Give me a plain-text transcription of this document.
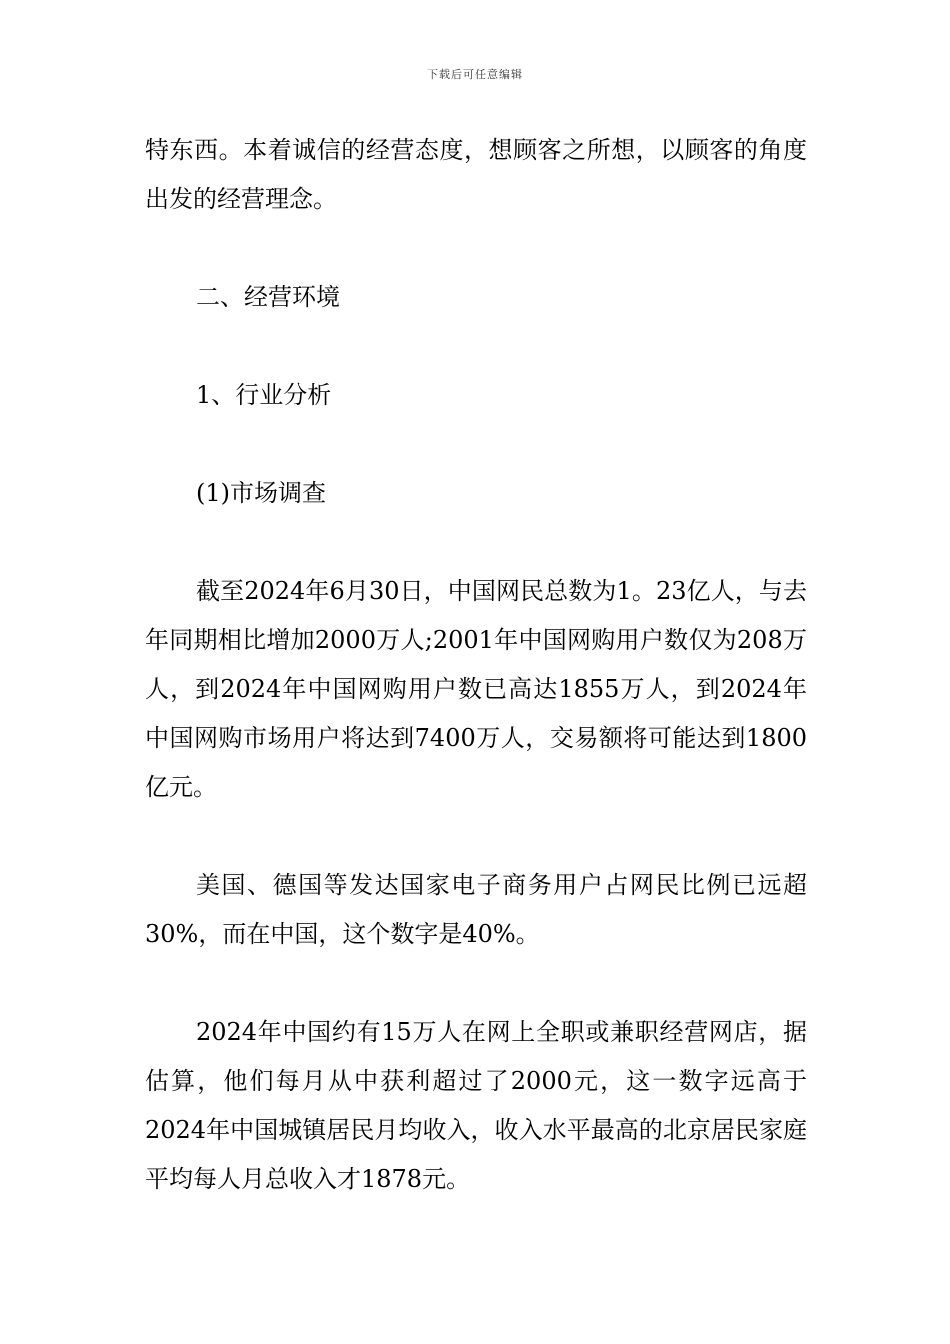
下载后可任意编辑

特东西。本着诚信的经营态度，想顾客之所想，以顾客的角度出发的经营理念。

二、经营环境

1、行业分析

(1)市场调查

截至2024年6月30日，中国网民总数为1。23亿人，与去年同期相比增加2000万人;2001年中国网购用户数仅为208万人，到2024年中国网购用户数已高达1855万人，到2024年中国网购市场用户将达到7400万人，交易额将可能达到1800亿元。

美国、德国等发达国家电子商务用户占网民比例已远超30%，而在中国，这个数字是40%。

2024年中国约有15万人在网上全职或兼职经营网店，据估算，他们每月从中获利超过了2000元，这一数字远高于2024年中国城镇居民月均收入，收入水平最高的北京居民家庭平均每人月总收入才1878元。
